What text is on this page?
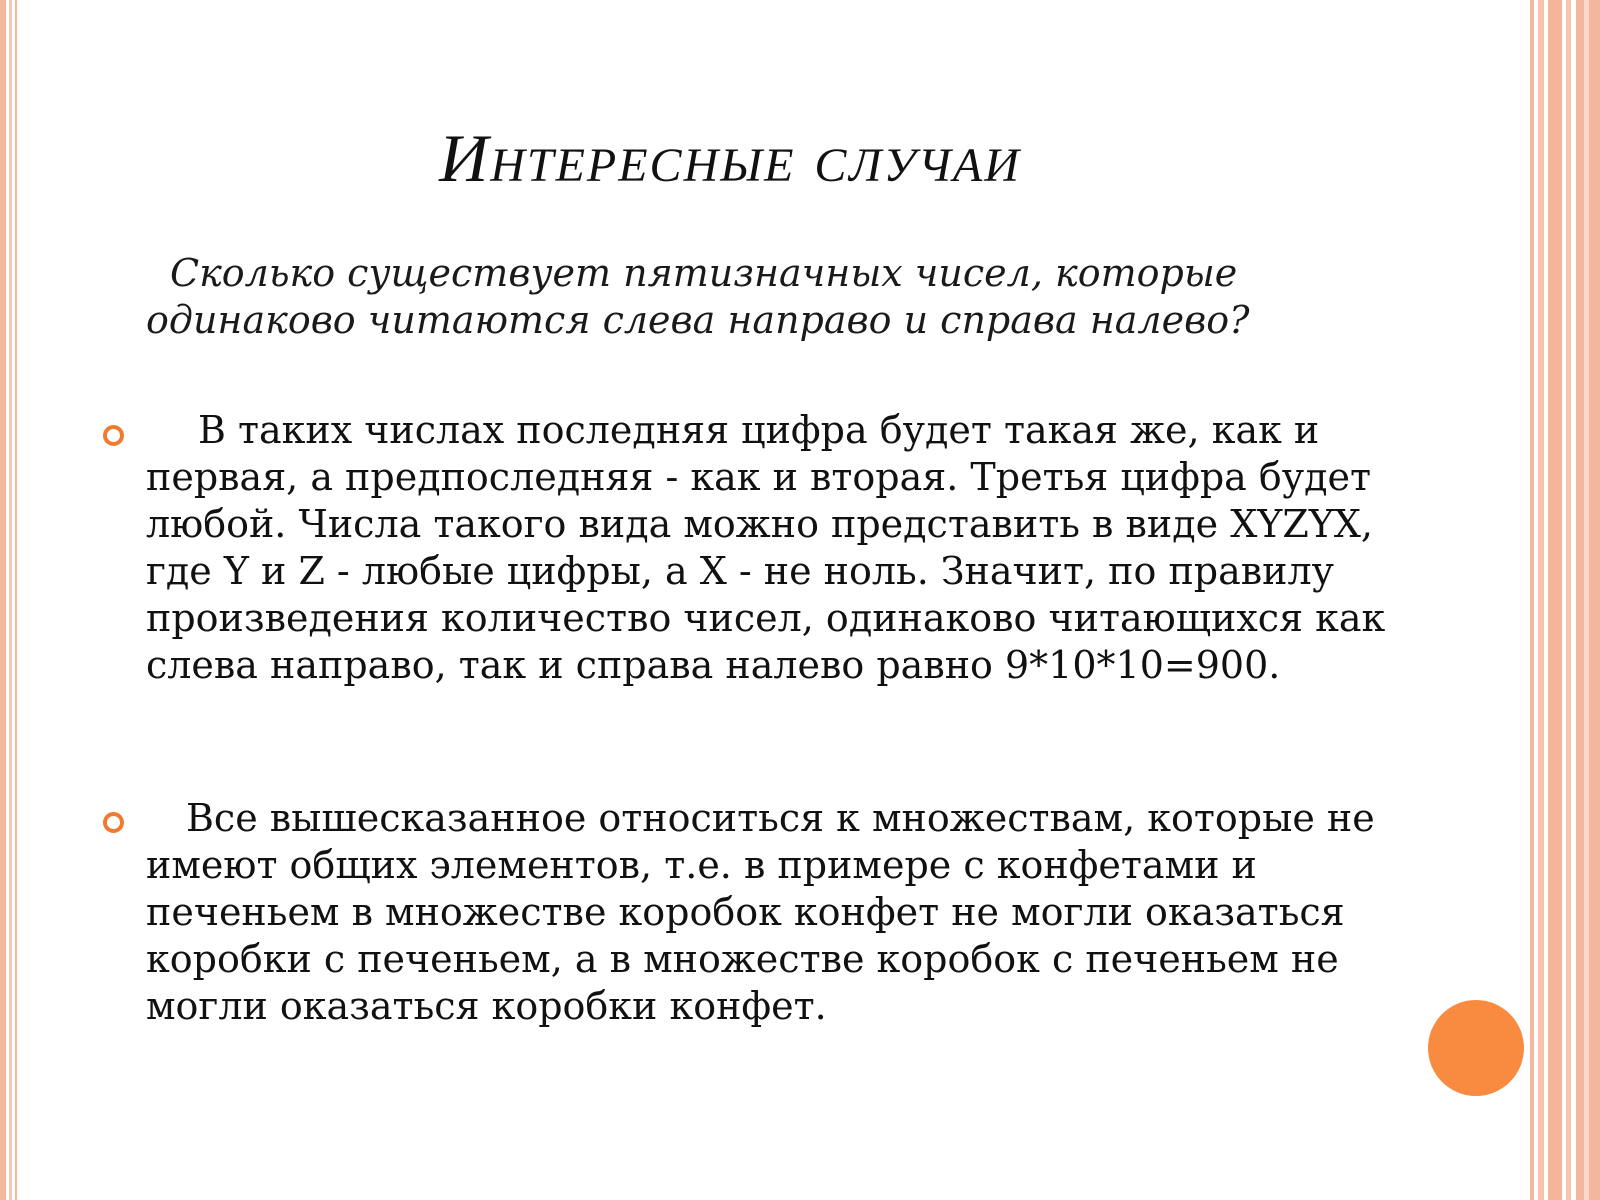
Интересные случаи
Сколько существует пятизначных чисел, которые одинаково читаются слева направо и справа налево?
В таких числах последняя цифра будет такая же, как и первая, а предпоследняя - как и вторая. Третья цифра будет любой. Числа такого вида можно представить в виде XYZYX, где Y и Z - любые цифры, а X - не ноль. Значит, по правилу произведения количество чисел, одинаково читающихся как слева направо, так и справа налево равно 9*10*10=900.
Все вышесказанное относиться к множествам, которые не имеют общих элементов, т.е. в примере с конфетами и печеньем в множестве коробок конфет не могли оказаться коробки с печеньем, а в множестве коробок с печеньем не могли оказаться коробки конфет.
